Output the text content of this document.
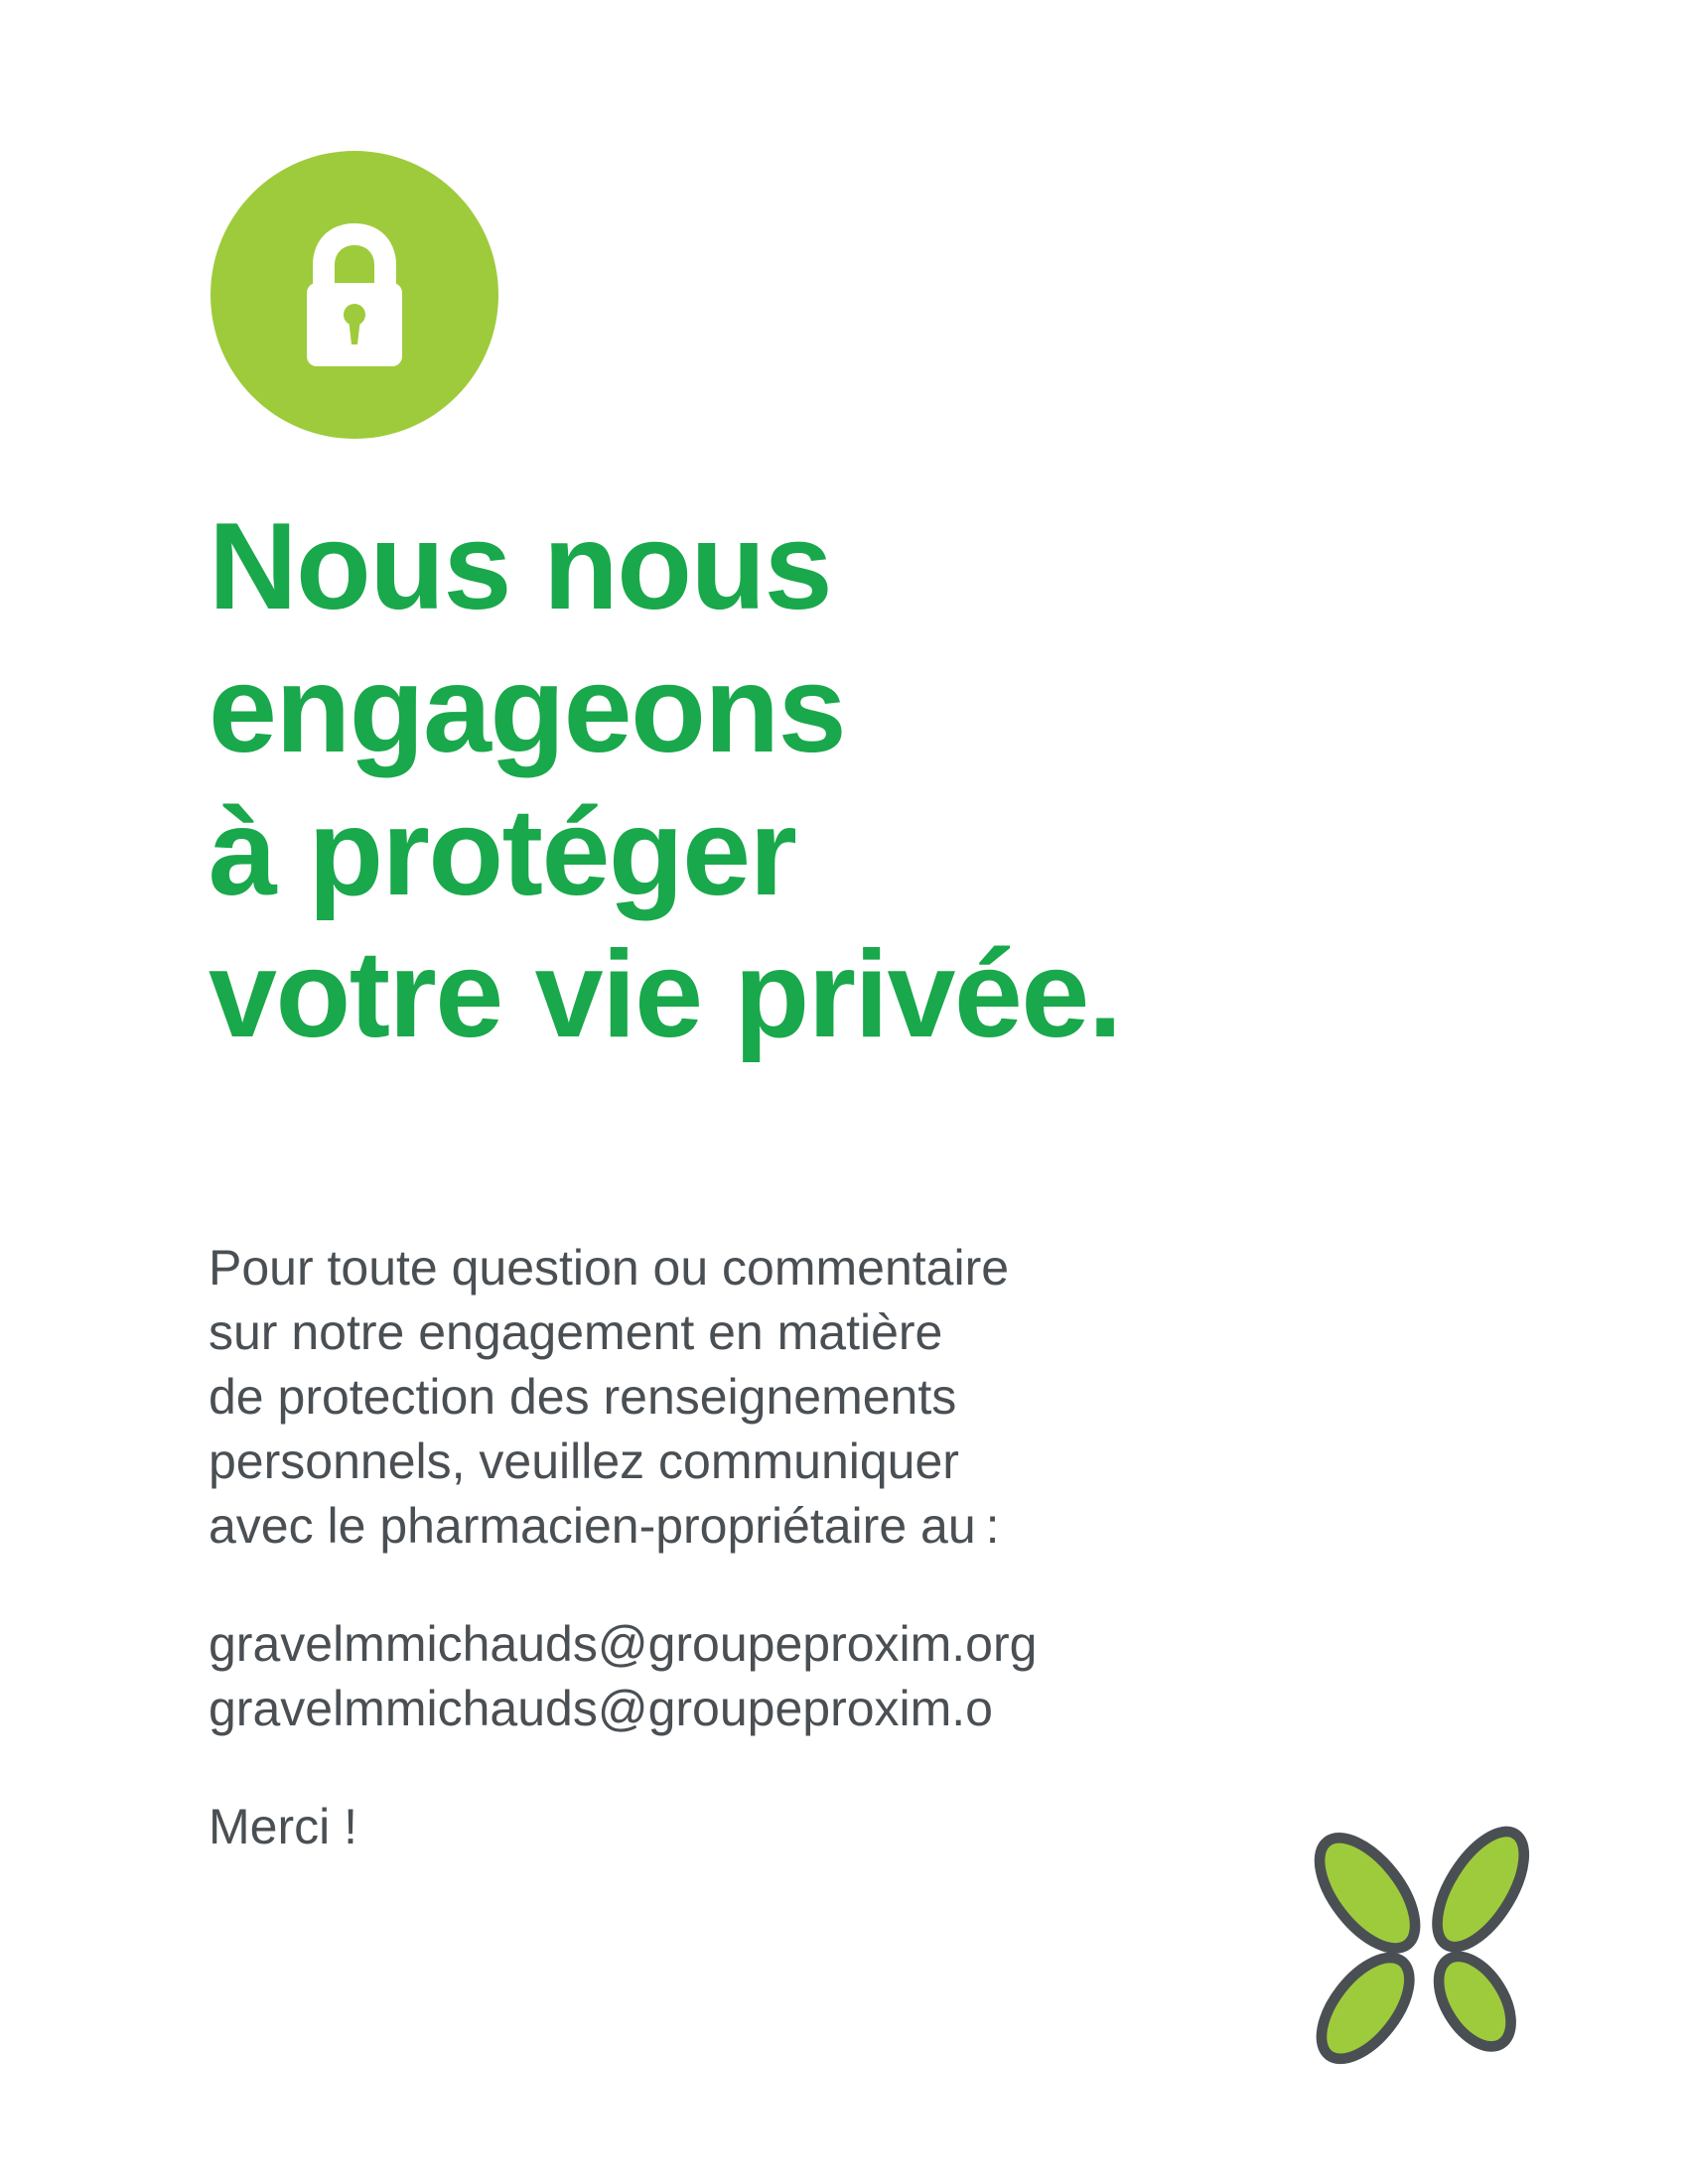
Nous nous
engageons
à protéger
votre vie privée.

Pour toute question ou commentaire
sur notre engagement en matière
de protection des renseignements
personnels, veuillez communiquer
avec le pharmacien-propriétaire au :

gravelmmichauds@groupeproxim.org
gravelmmichauds@groupeproxim.o

Merci !
